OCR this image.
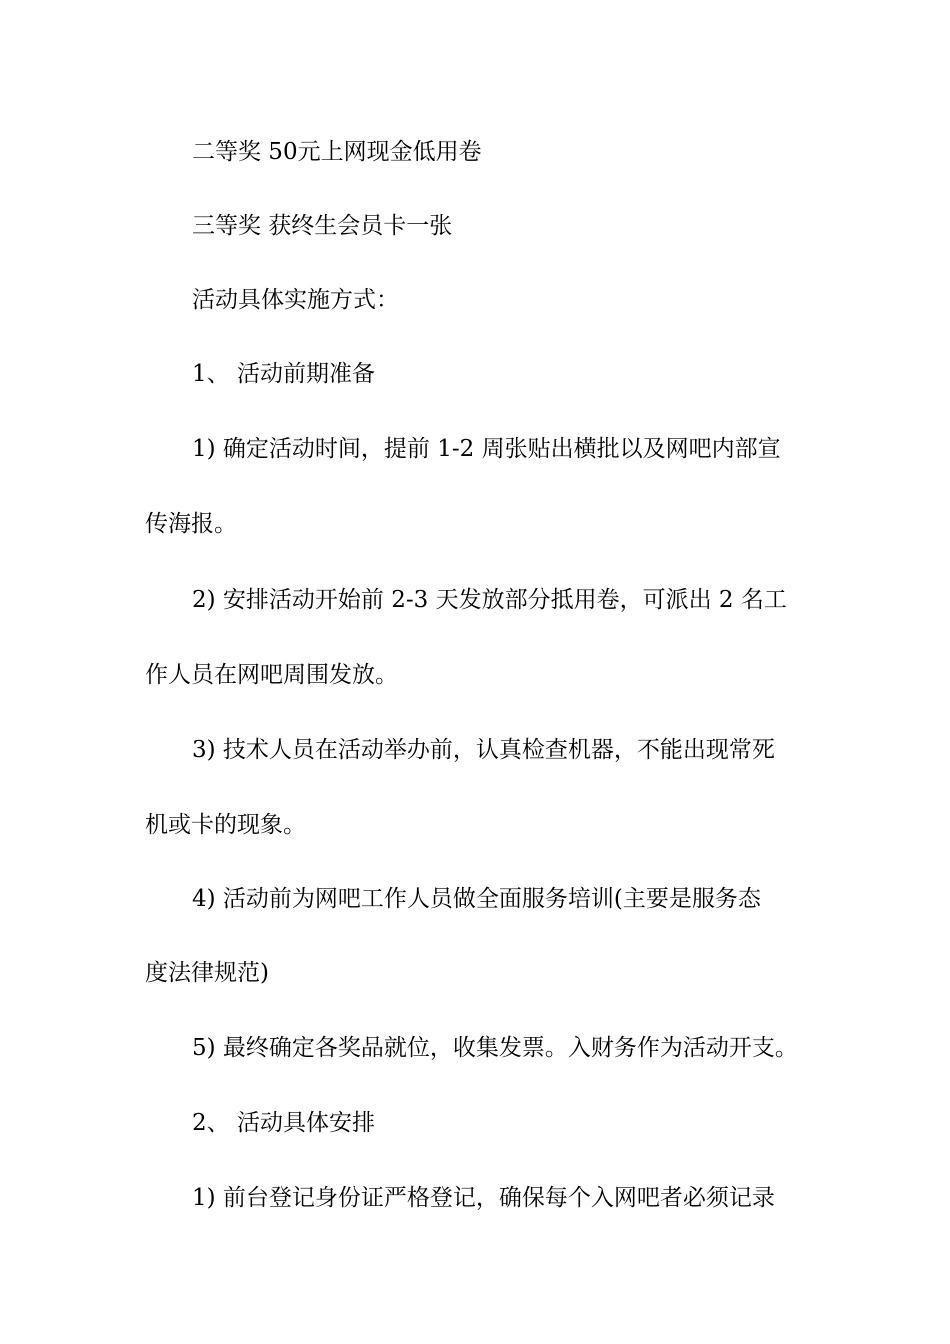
二等奖 50元上网现金低用卷
三等奖 获终生会员卡一张
活动具体实施方式：
1、 活动前期准备
1) 确定活动时间，提前 1-2 周张贴出横批以及网吧内部宣
传海报。
2) 安排活动开始前 2-3 天发放部分抵用卷，可派出 2 名工
作人员在网吧周围发放。
3) 技术人员在活动举办前，认真检查机器，不能出现常死
机或卡的现象。
4) 活动前为网吧工作人员做全面服务培训(主要是服务态
度法律规范)
5) 最终确定各奖品就位，收集发票。入财务作为活动开支。
2、 活动具体安排
1) 前台登记身份证严格登记，确保每个入网吧者必须记录
